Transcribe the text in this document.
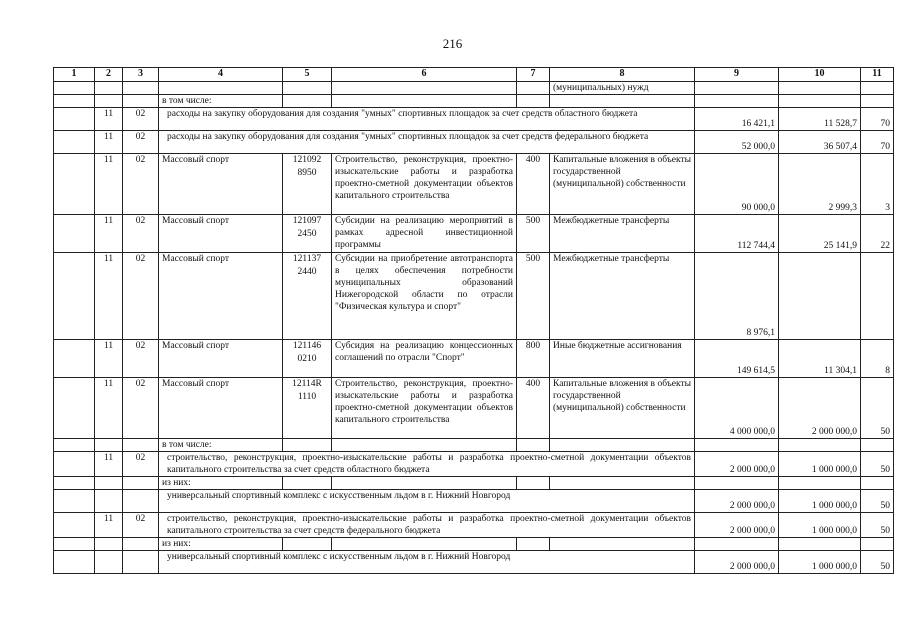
216
1	2	3	4	5	6	7	8	9	10	11
							(муниципальных) нужд			
			в том числе:							
	11	02	расходы на закупку оборудования для создания "умных" спортивных площадок за счет средств областного бюджета					16 421,1	11 528,7	70
	11	02	расходы на закупку оборудования для создания "умных" спортивных площадок за счет средств федерального бюджета					52 000,0	36 507,4	70
	11	02	Массовый спорт	121092 8950	Строительство, реконструкция, проектно-изыскательские работы и разработка проектно-сметной документации объектов капитального строительства	400	Капитальные вложения в объекты государственной (муниципальной) собственности	90 000,0	2 999,3	3
	11	02	Массовый спорт	121097 2450	Субсидии на реализацию мероприятий в рамках адресной инвестиционной программы	500	Межбюджетные трансферты	112 744,4	25 141,9	22
	11	02	Массовый спорт	121137 2440	Субсидии на приобретение автотранспорта в целях обеспечения потребности муниципальных образований Нижегородской области по отрасли "Физическая культура и спорт"	500	Межбюджетные трансферты	8 976,1		
	11	02	Массовый спорт	121146 0210	Субсидия на реализацию концессионных соглашений по отрасли "Спорт"	800	Иные бюджетные ассигнования	149 614,5	11 304,1	8
	11	02	Массовый спорт	12114R 1110	Строительство, реконструкция, проектно-изыскательские работы и разработка проектно-сметной документации объектов капитального строительства	400	Капитальные вложения в объекты государственной (муниципальной) собственности	4 000 000,0	2 000 000,0	50
			в том числе:							
	11	02	строительство, реконструкция, проектно-изыскательские работы и разработка проектно-сметной документации объектов капитального строительства за счет средств областного бюджета					2 000 000,0	1 000 000,0	50
			из них:							
			универсальный спортивный комплекс с искусственным льдом в г. Нижний Новгород					2 000 000,0	1 000 000,0	50
	11	02	строительство, реконструкция, проектно-изыскательские работы и разработка проектно-сметной документации объектов капитального строительства за счет средств федерального бюджета					2 000 000,0	1 000 000,0	50
			из них:							
			универсальный спортивный комплекс с искусственным льдом в г. Нижний Новгород					2 000 000,0	1 000 000,0	50
